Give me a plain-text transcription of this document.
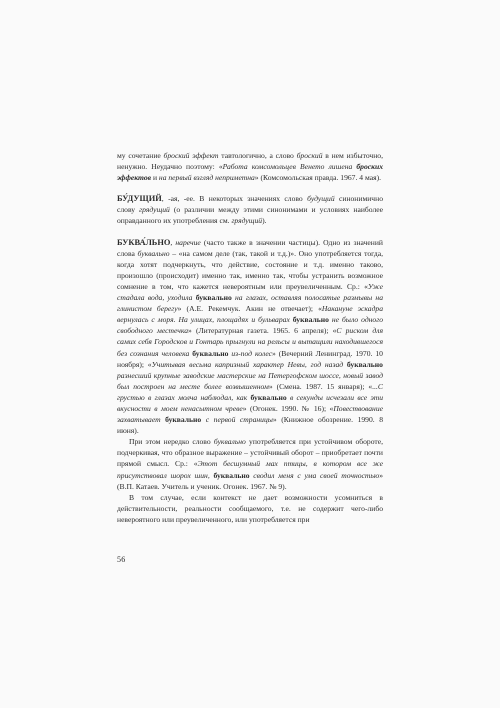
му сочетание броский эффект тавтологично, а слово броский в нем избыточно, ненужно. Неудачно поэтому: «Работа комсомольцев Венето лишена броских эффектов и на первый взгляд неприметна» (Комсомольская правда. 1967. 4 мая).

БУ́ДУЩИЙ, -ая, -ее. В некоторых значениях слово будущий синонимично слову грядущий (о различии между этими синонимами и условиях наиболее оправданного их употребления см. грядущий).

БУКВА́ЛЬНО, наречие (часто также в значении частицы). Одно из значений слова буквально – «на самом деле (так, такой и т.д.)». Оно употребляется тогда, когда хотят подчеркнуть, что действие, состояние и т.д. именно таково, произошло (происходит) именно так, именно так, чтобы устранить возможное сомнение в том, что кажется невероятным или преувеличенным. Ср.: «Уже стадала вода, уходила буквально на глазах, оставляя полосатые размывы на глинистом берегу» (А.Е. Рекемчук. Акин не отвечает); «Накануне эскадра вернулась с моря. На улицах, площадях и бульварах буквально не было одного свободного местечка» (Литературная газета. 1965. 6 апреля); «С риском для самих себя Городсков и Гонтарь прыгнули на рельсы и вытащили находившегося без сознания человека буквально из-под колес» (Вечерний Ленинград. 1970. 10 ноября); «Учитывая весьма капризный характер Невы, год назад буквально разнесший крупные заводские мастерские на Петергофском шоссе, новый завод был построен на месте более возвышенном» (Смена. 1987. 15 января); «...С грустью в глазах молча наблюдал, как буквально в секунды исчезали все эти вкусности в моем ненасытном чреве» (Огонек. 1990. № 16); «Повествование захватывает буквально с первой страницы» (Книжное обозрение. 1990. 8 июня).

При этом нередко слово буквально употребляется при устойчивом обороте, подчеркивая, что образное выражение – устойчивый оборот – приобретает почти прямой смысл. Ср.: «Этот бесшумный мах птицы, в котором все же присутствовал шорох шин, буквально сводил меня с ума своей точностью» (В.П. Катаев. Учитель и ученик. Огонек. 1967. № 9).

В том случае, если контекст не дает возможности усомниться в действительности, реальности сообщаемого, т.е. не содержит чего-либо невероятного или преувеличенного, или употребляется при

56
